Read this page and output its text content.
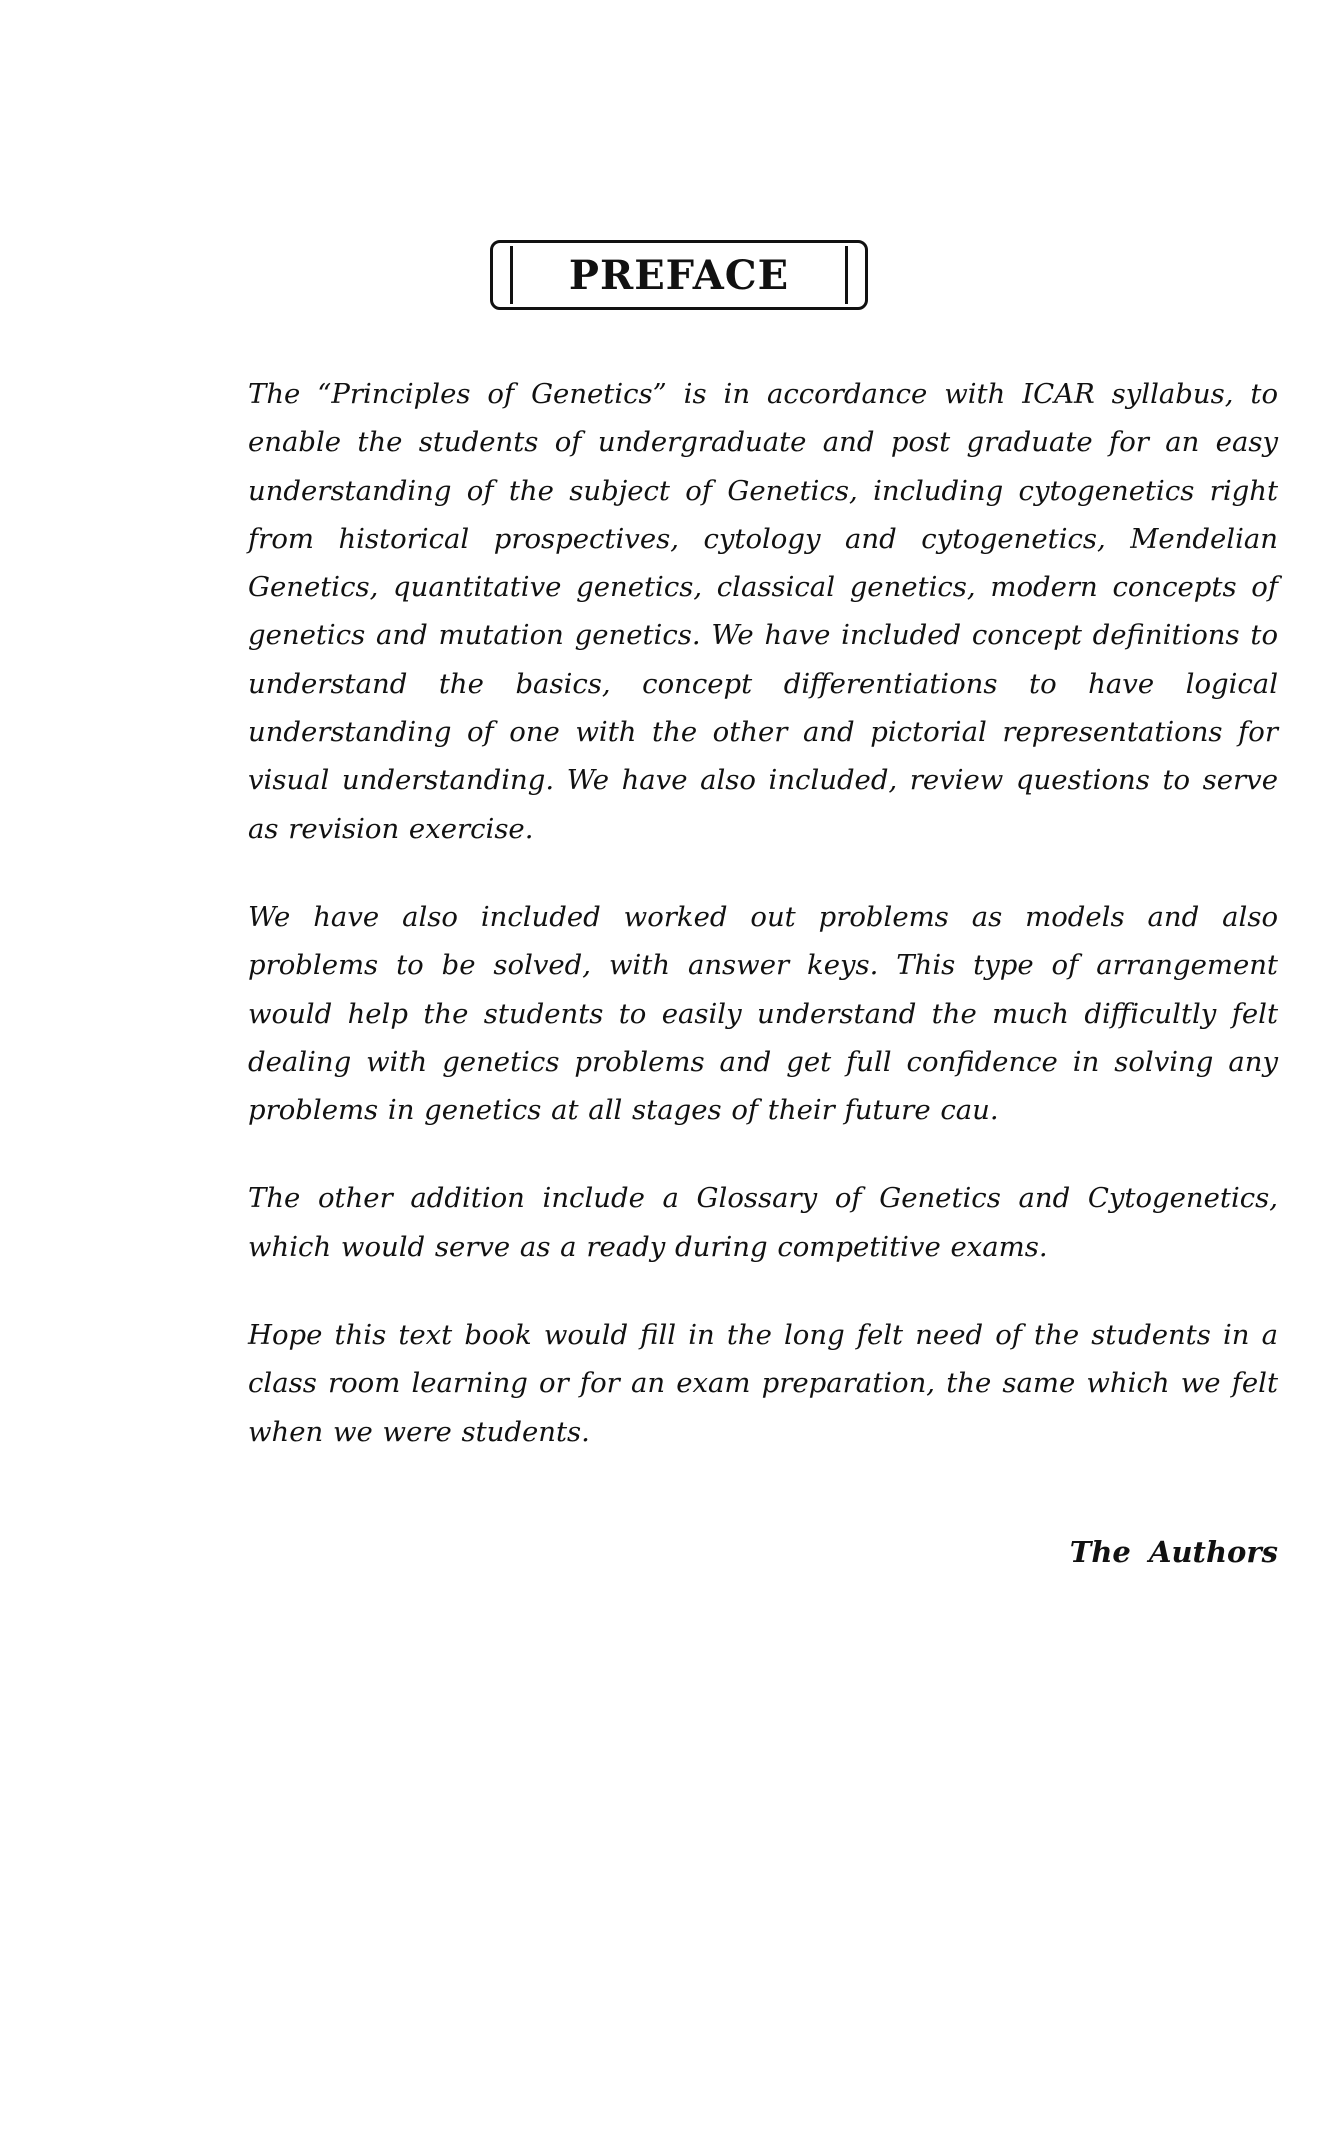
PREFACE

The “Principles of Genetics” is in accordance with ICAR syllabus, to enable the students of undergraduate and post graduate for an easy understanding of the subject of Genetics, including cytogenetics right from historical prospectives, cytology and cytogenetics, Mendelian Genetics, quantitative genetics, classical genetics, modern concepts of genetics and mutation genetics. We have included concept definitions to understand the basics, concept differentiations to have logical understanding of one with the other and pictorial representations for visual understanding. We have also included, review questions to serve as revision exercise.

We have also included worked out problems as models and also problems to be solved, with answer keys. This type of arrangement would help the students to easily understand the much difficultly felt dealing with genetics problems and get full confidence in solving any problems in genetics at all stages of their future cau.

The other addition include a Glossary of Genetics and Cytogenetics, which would serve as a ready during competitive exams.

Hope this text book would fill in the long felt need of the students in a class room learning or for an exam preparation, the same which we felt when we were students.

The Authors
